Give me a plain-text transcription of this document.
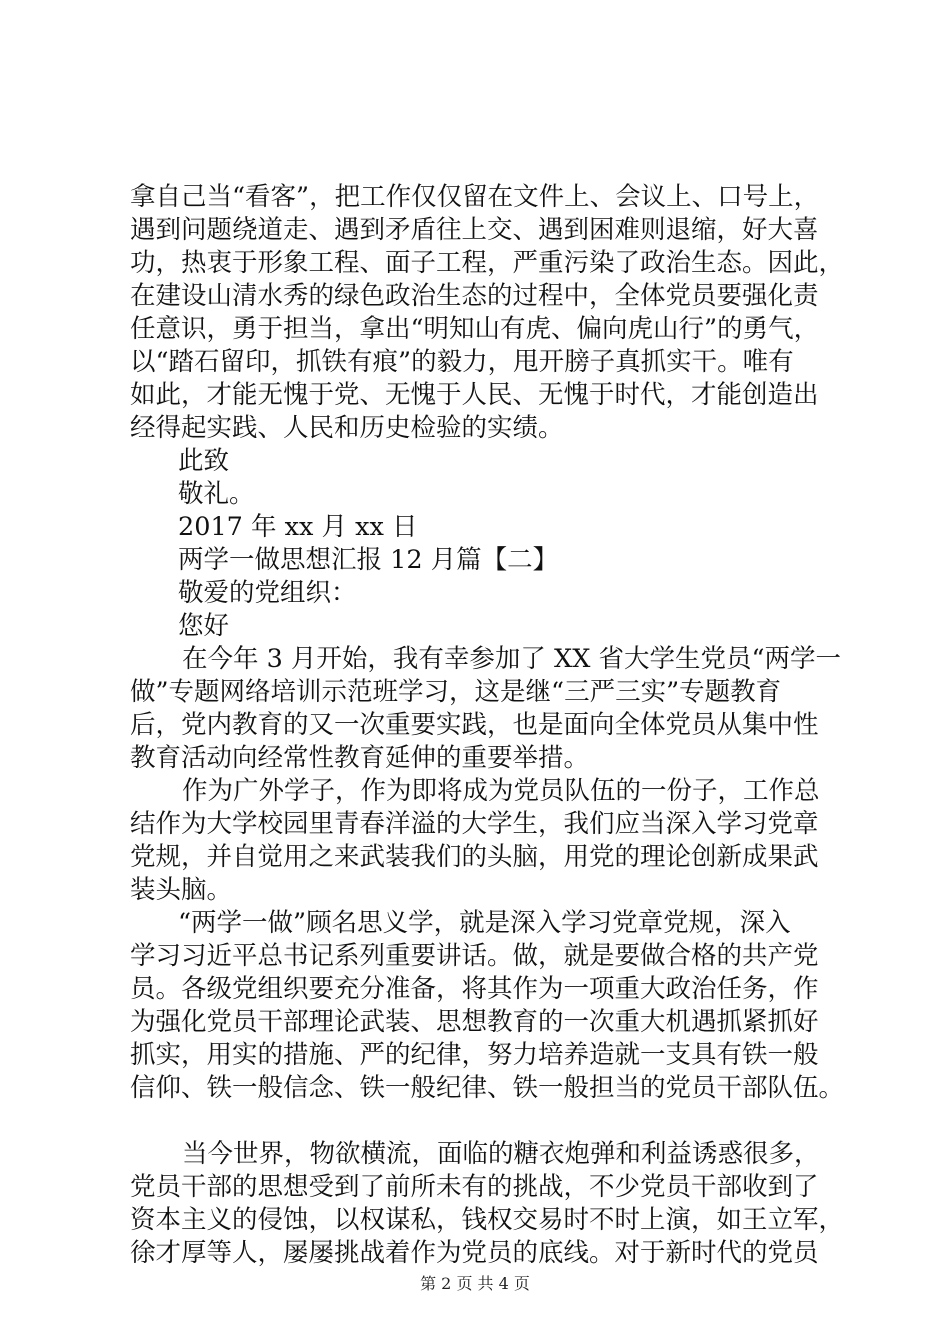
拿自己当“看客”，把工作仅仅留在文件上、会议上、口号上，
遇到问题绕道走、遇到矛盾往上交、遇到困难则退缩，好大喜
功，热衷于形象工程、面子工程，严重污染了政治生态。因此，
在建设山清水秀的绿色政治生态的过程中，全体党员要强化责
任意识，勇于担当，拿出“明知山有虎、偏向虎山行”的勇气，
以“踏石留印，抓铁有痕”的毅力，甩开膀子真抓实干。唯有
如此，才能无愧于党、无愧于人民、无愧于时代，才能创造出
经得起实践、人民和历史检验的实绩。
此致
敬礼。
2017 年 xx 月 xx 日
两学一做思想汇报 12 月篇【二】
敬爱的党组织：
您好
在今年 3 月开始，我有幸参加了 XX 省大学生党员“两学一
做”专题网络培训示范班学习，这是继“三严三实”专题教育
后，党内教育的又一次重要实践，也是面向全体党员从集中性
教育活动向经常性教育延伸的重要举措。
作为广外学子，作为即将成为党员队伍的一份子，工作总
结作为大学校园里青春洋溢的大学生，我们应当深入学习党章
党规，并自觉用之来武装我们的头脑，用党的理论创新成果武
装头脑。
“两学一做”顾名思义学，就是深入学习党章党规，深入
学习习近平总书记系列重要讲话。做，就是要做合格的共产党
员。各级党组织要充分准备，将其作为一项重大政治任务，作
为强化党员干部理论武装、思想教育的一次重大机遇抓紧抓好
抓实，用实的措施、严的纪律，努力培养造就一支具有铁一般
信仰、铁一般信念、铁一般纪律、铁一般担当的党员干部队伍。
当今世界，物欲横流，面临的糖衣炮弹和利益诱惑很多，
党员干部的思想受到了前所未有的挑战，不少党员干部收到了
资本主义的侵蚀，以权谋私，钱权交易时不时上演，如王立军，
徐才厚等人，屡屡挑战着作为党员的底线。对于新时代的党员
第 2 页 共 4 页
